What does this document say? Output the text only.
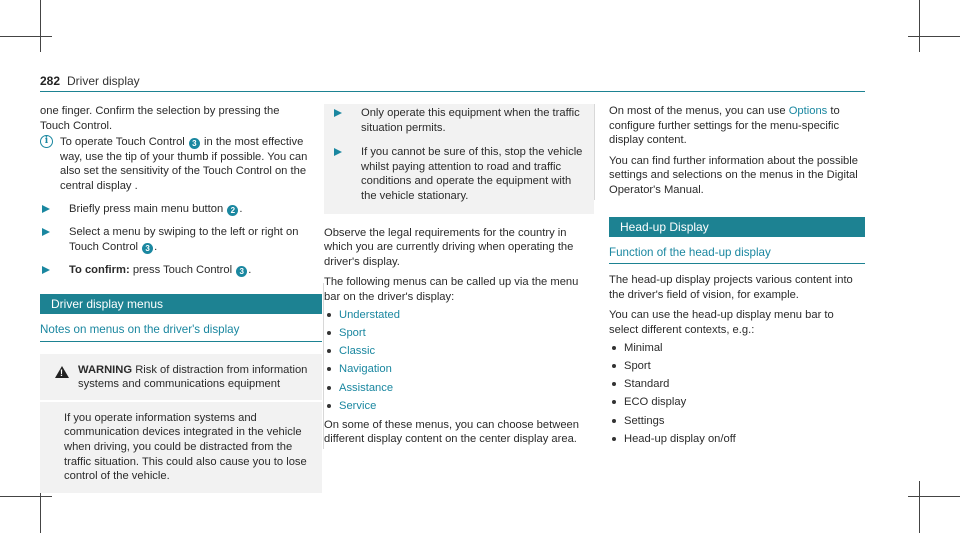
282 Driver display

one finger. Confirm the selection by pressing the

Touch Control.

i	To operate Touch Control 3 in the most effective way, use the tip of your thumb if possible. You can also set the sensitivity of the Touch Control on the central display .
Briefly press main menu button 2 .
Select a menu by swiping to the left or right on Touch Control 3 .
To confirm: press Touch Control 3 .
Driver display menus
Notes on menus on the driver's display
!
WARNING Risk of distraction from information systems and communications equipment
If you operate information systems and communication devices integrated in the vehicle when driving, you could be distracted from the traffic situation. This could also cause you to lose control of the vehicle.
Only operate this equipment when the traffic situation permits.
If you cannot be sure of this, stop the vehicle whilst paying attention to road and traffic conditions and operate the equipment with the vehicle stationary.

Observe the legal requirements for the country in which you are currently driving when operating the driver's display.

The following menus can be called up via the menu bar on the driver's display:

Understated
Sport
Classic
Navigation
Assistance
Service

On some of these menus, you can choose between different display content on the center display area.

On most of the menus, you can use Options to configure further settings for the menu-specific display content.

You can find further information about the possible settings and selections on the menus in the Digital Operator's Manual.

Head-up Display
Function of the head-up display

The head-up display projects various content into the driver's field of vision, for example.

You can use the head-up display menu bar to select different contexts, e.g.:

Minimal
Sport
Standard
ECO display
Settings
Head-up display on/off
